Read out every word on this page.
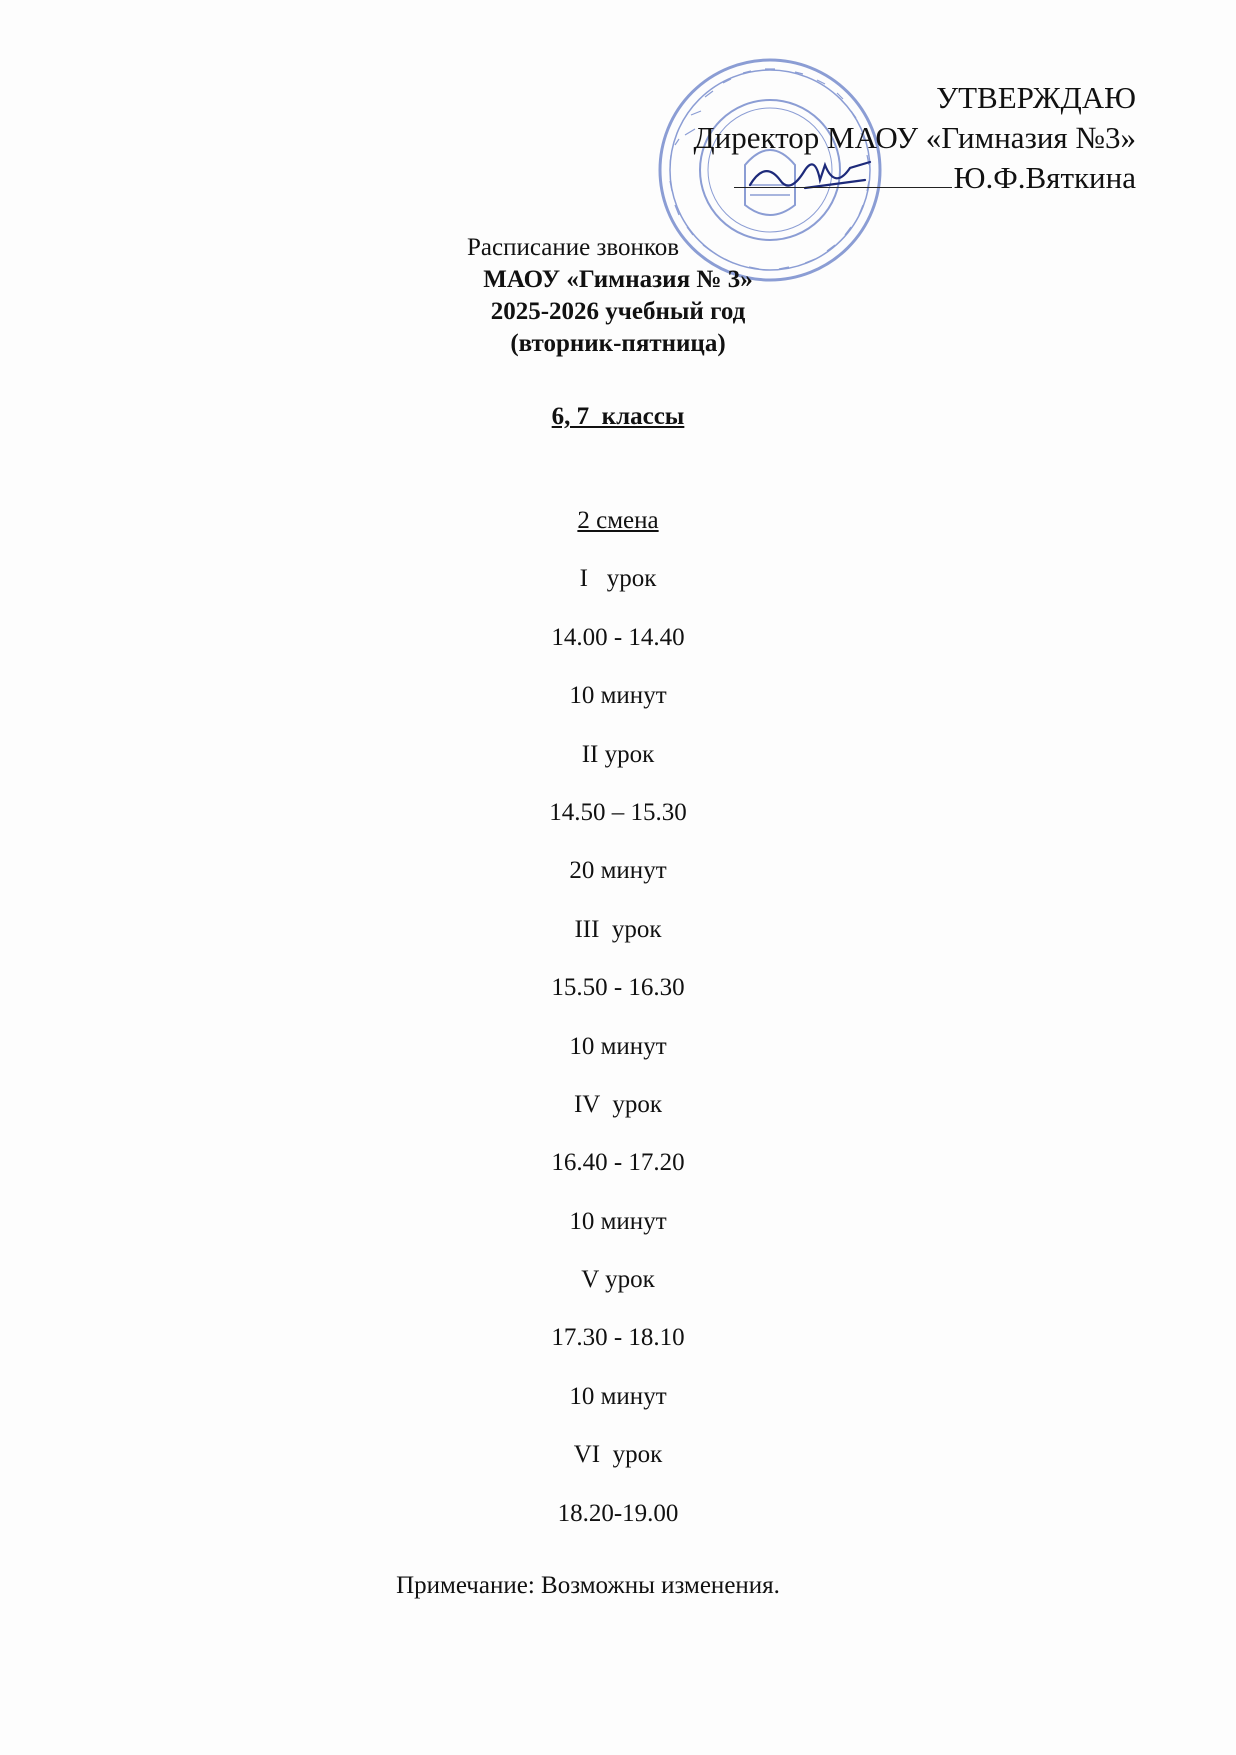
УТВЕРЖДАЮ
Директор МАОУ «Гимназия №3»
Ю.Ф.Вяткина
Расписание звонков
МАОУ «Гимназия № 3»
2025-2026 учебный год
(вторник-пятница)
6, 7  классы
2 смена
I   урок
14.00 - 14.40
10 минут
II урок
14.50 – 15.30
20 минут
III  урок
15.50 - 16.30
10 минут
IV  урок
16.40 - 17.20
10 минут
V урок
17.30 - 18.10
10 минут
VI  урок
18.20-19.00
Примечание: Возможны изменения.
